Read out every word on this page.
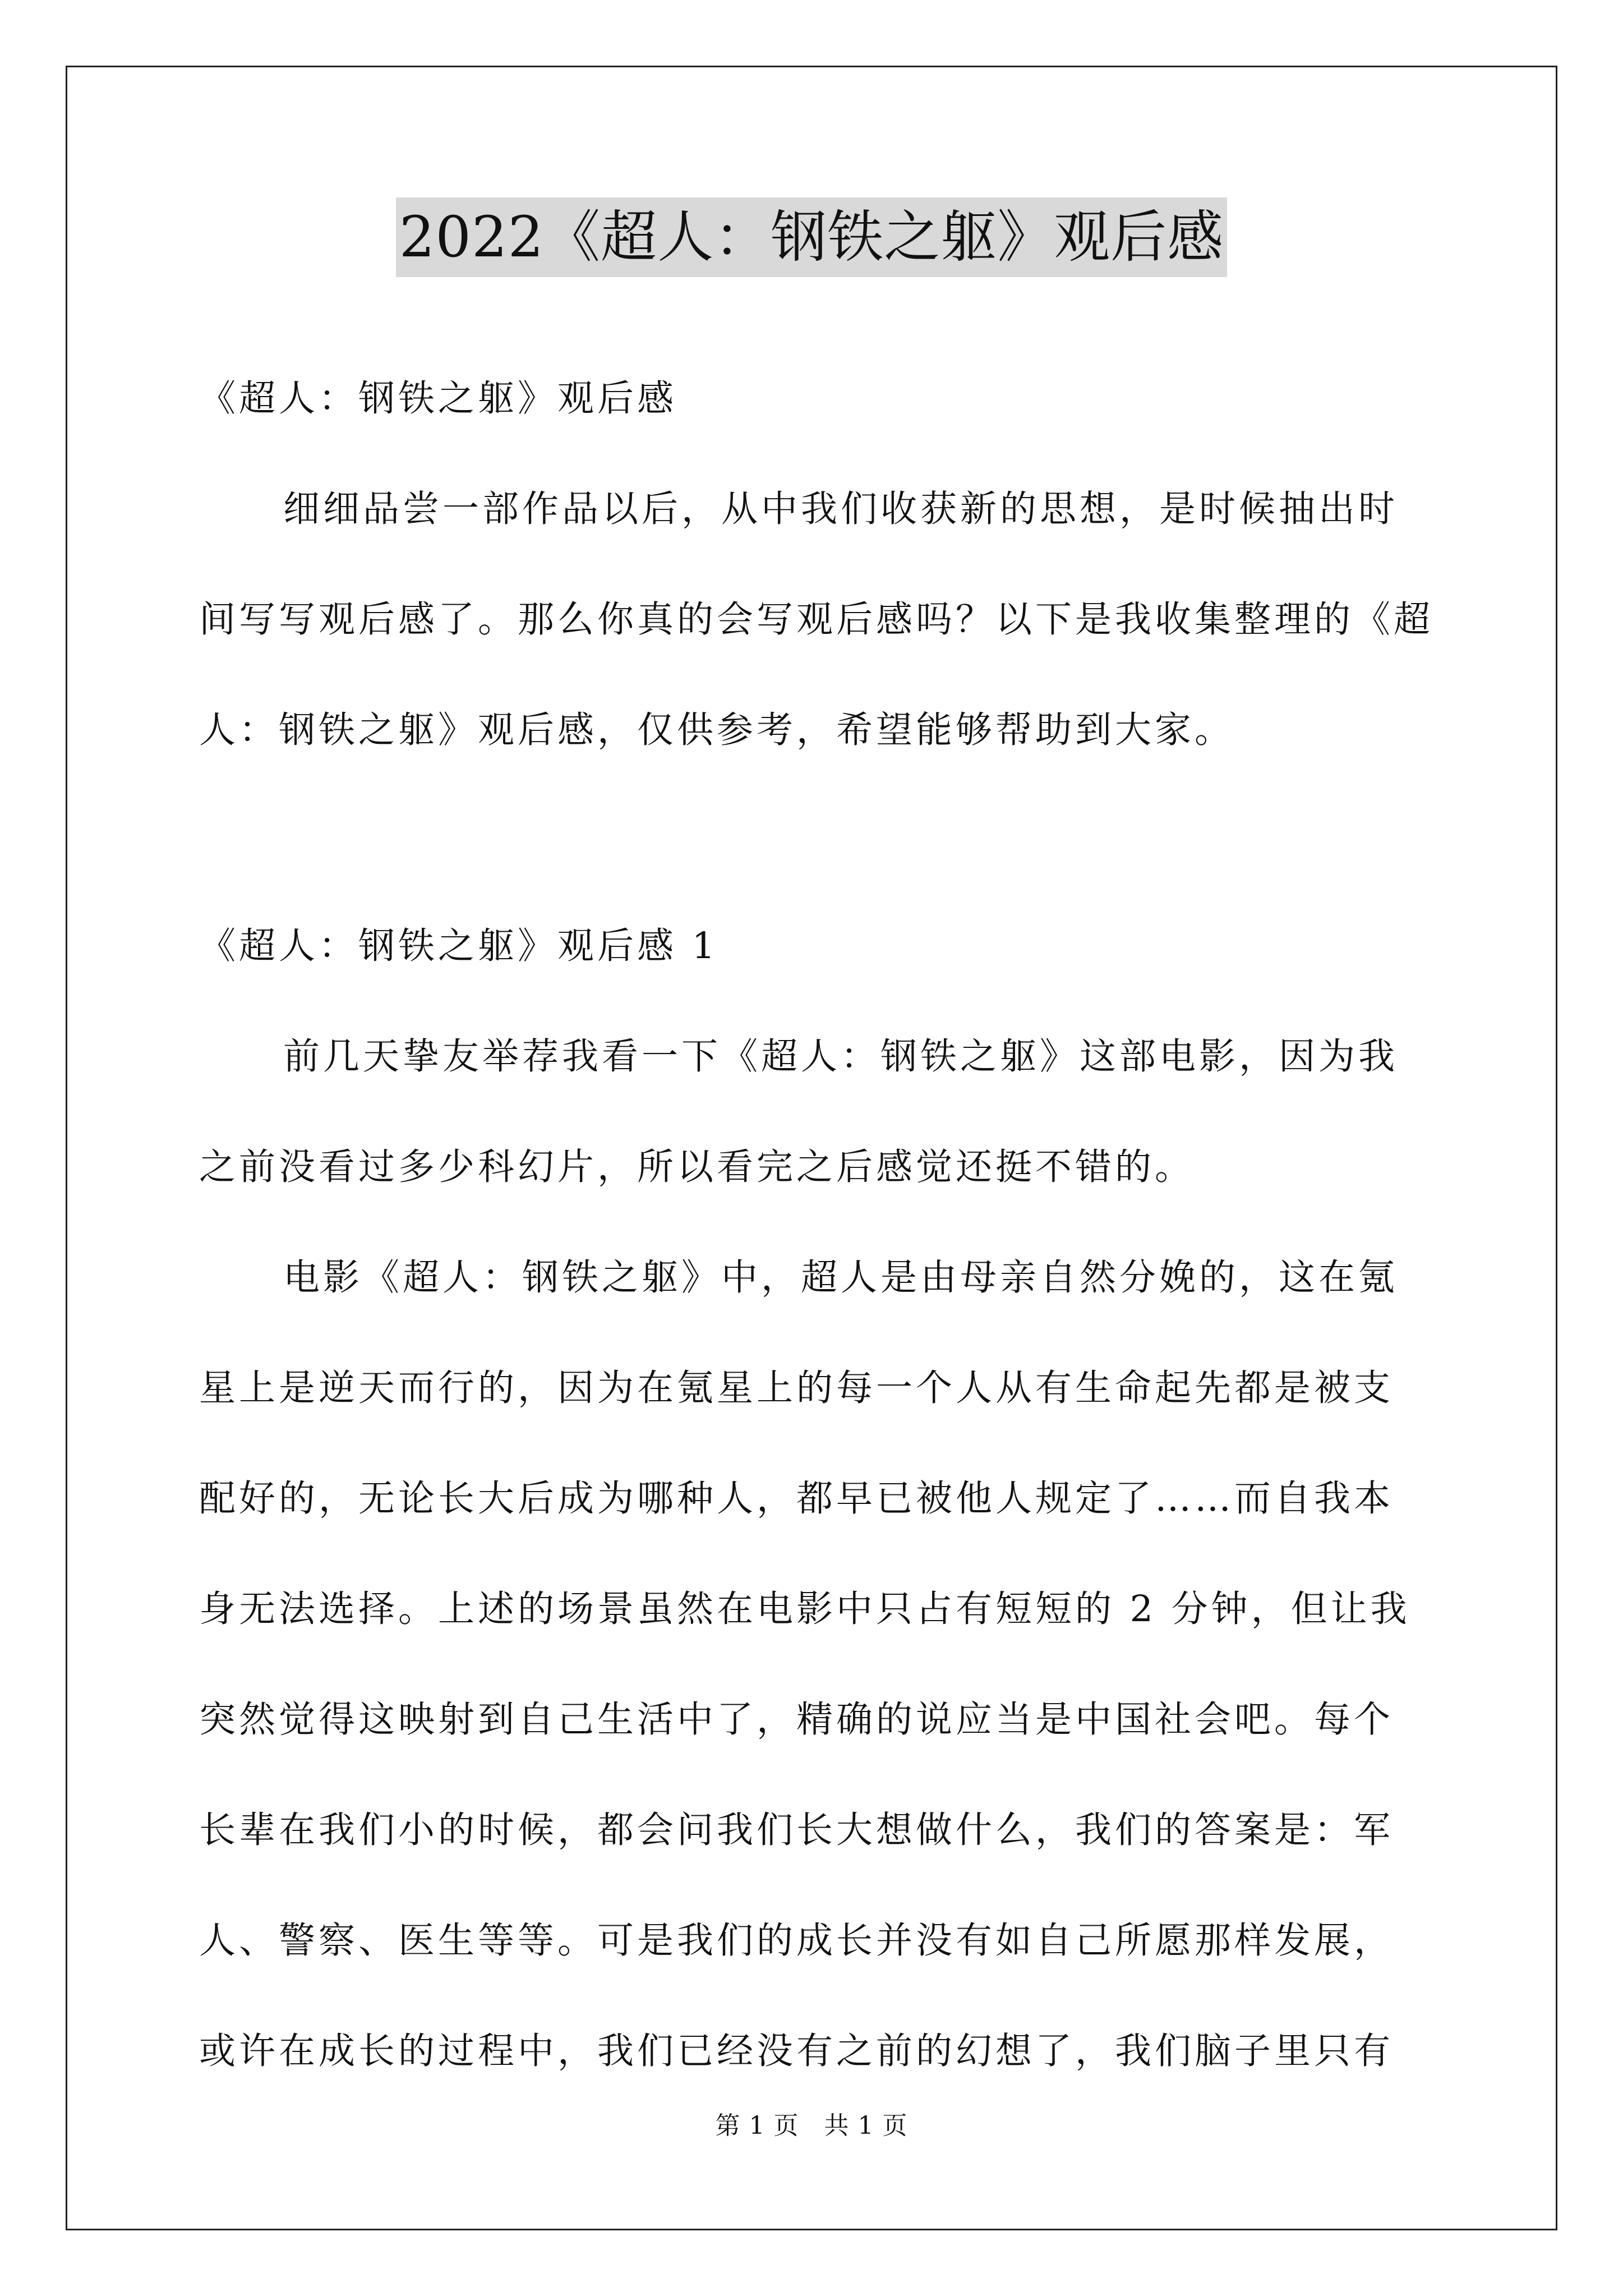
2022《超人：钢铁之躯》观后感
《超人：钢铁之躯》观后感
细细品尝一部作品以后，从中我们收获新的思想，是时候抽出时
间写写观后感了。那么你真的会写观后感吗？以下是我收集整理的《超
人：钢铁之躯》观后感，仅供参考，希望能够帮助到大家。
《超人：钢铁之躯》观后感 1
前几天挚友举荐我看一下《超人：钢铁之躯》这部电影，因为我
之前没看过多少科幻片，所以看完之后感觉还挺不错的。
电影《超人：钢铁之躯》中，超人是由母亲自然分娩的，这在氪
星上是逆天而行的，因为在氪星上的每一个人从有生命起先都是被支
配好的，无论长大后成为哪种人，都早已被他人规定了……而自我本
身无法选择。上述的场景虽然在电影中只占有短短的 2 分钟，但让我
突然觉得这映射到自己生活中了，精确的说应当是中国社会吧。每个
长辈在我们小的时候，都会问我们长大想做什么，我们的答案是：军
人、警察、医生等等。可是我们的成长并没有如自己所愿那样发展，
或许在成长的过程中，我们已经没有之前的幻想了，我们脑子里只有
第 1 页　共 1 页
